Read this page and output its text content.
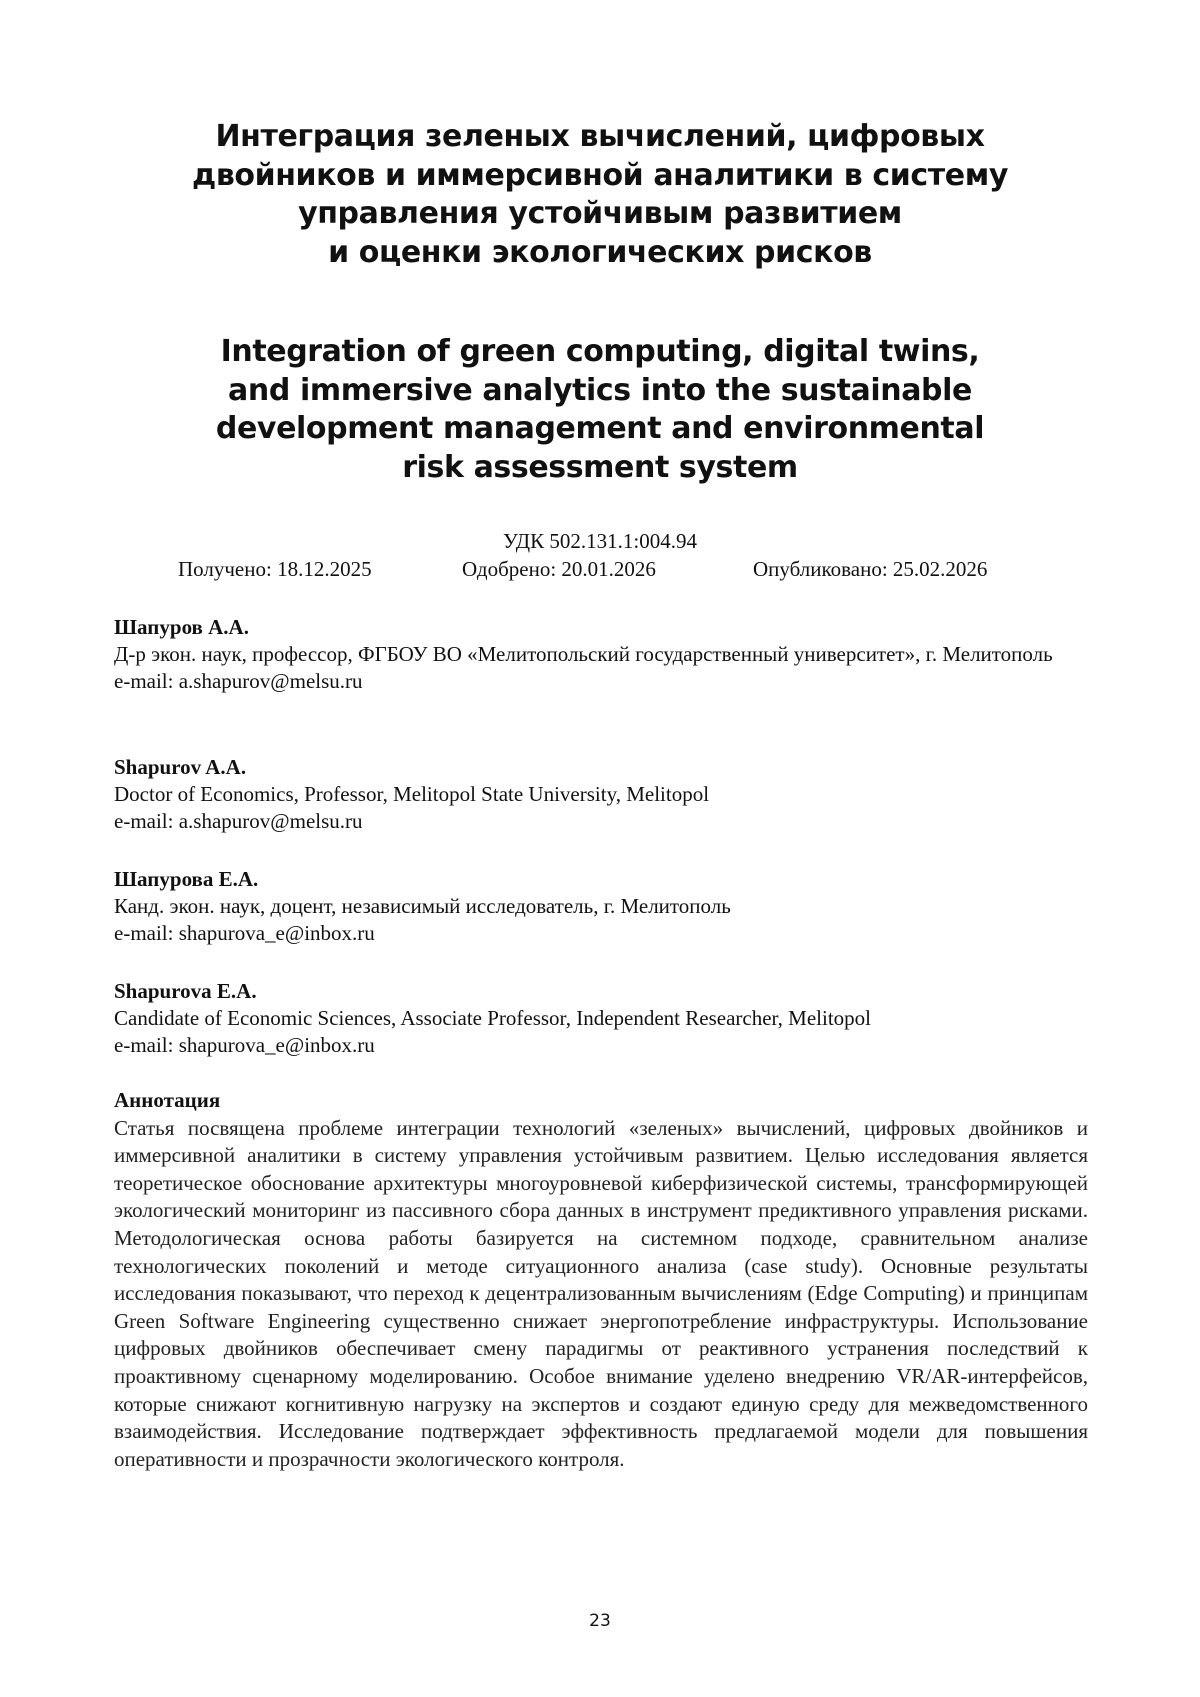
Интеграция зеленых вычислений, цифровых
двойников и иммерсивной аналитики в систему
управления устойчивым развитием
и оценки экологических рисков
Integration of green computing, digital twins,
and immersive analytics into the sustainable
development management and environmental
risk assessment system
УДК 502.131.1:004.94
Получено: 18.12.2025	Одобрено: 20.01.2026	Опубликовано: 25.02.2026
Шапуров А.А.
Д-р экон. наук, профессор, ФГБОУ ВО «Мелитопольский государственный университет», г. Мелитополь
e-mail: a.shapurov@melsu.ru
Shapurov A.A.
Doctor of Economics, Professor, Melitopol State University, Melitopol
e-mail: a.shapurov@melsu.ru
Шапурова Е.А.
Канд. экон. наук, доцент, независимый исследователь, г. Мелитополь
e-mail: shapurova_e@inbox.ru
Shapurova E.A.
Candidate of Economic Sciences, Associate Professor, Independent Researcher, Melitopol
e-mail: shapurova_e@inbox.ru
Аннотация
Статья посвящена проблеме интеграции технологий «зеленых» вычислений, цифровых двойников и иммерсивной аналитики в систему управления устойчивым развитием. Целью исследования является теоретическое обоснование архитектуры многоуровневой киберфизической системы, трансформирующей экологический мониторинг из пассивного сбора данных в инструмент предиктивного управления рисками. Методологическая основа работы базируется на системном подходе, сравнительном анализе технологических поколений и методе ситуационного анализа (case study). Основные результаты исследования показывают, что переход к децентрализованным вычислениям (Edge Computing) и принципам Green Software Engineering существенно снижает энергопотребление инфраструктуры. Использование цифровых двойников обеспечивает смену парадигмы от реактивного устранения последствий к проактивному сценарному моделированию. Особое внимание уделено внедрению VR/AR-интерфейсов, которые снижают когнитивную нагрузку на экспертов и создают единую среду для межведомственного взаимодействия. Исследование подтверждает эффективность предлагаемой модели для повышения оперативности и прозрачности экологического контроля.
23
